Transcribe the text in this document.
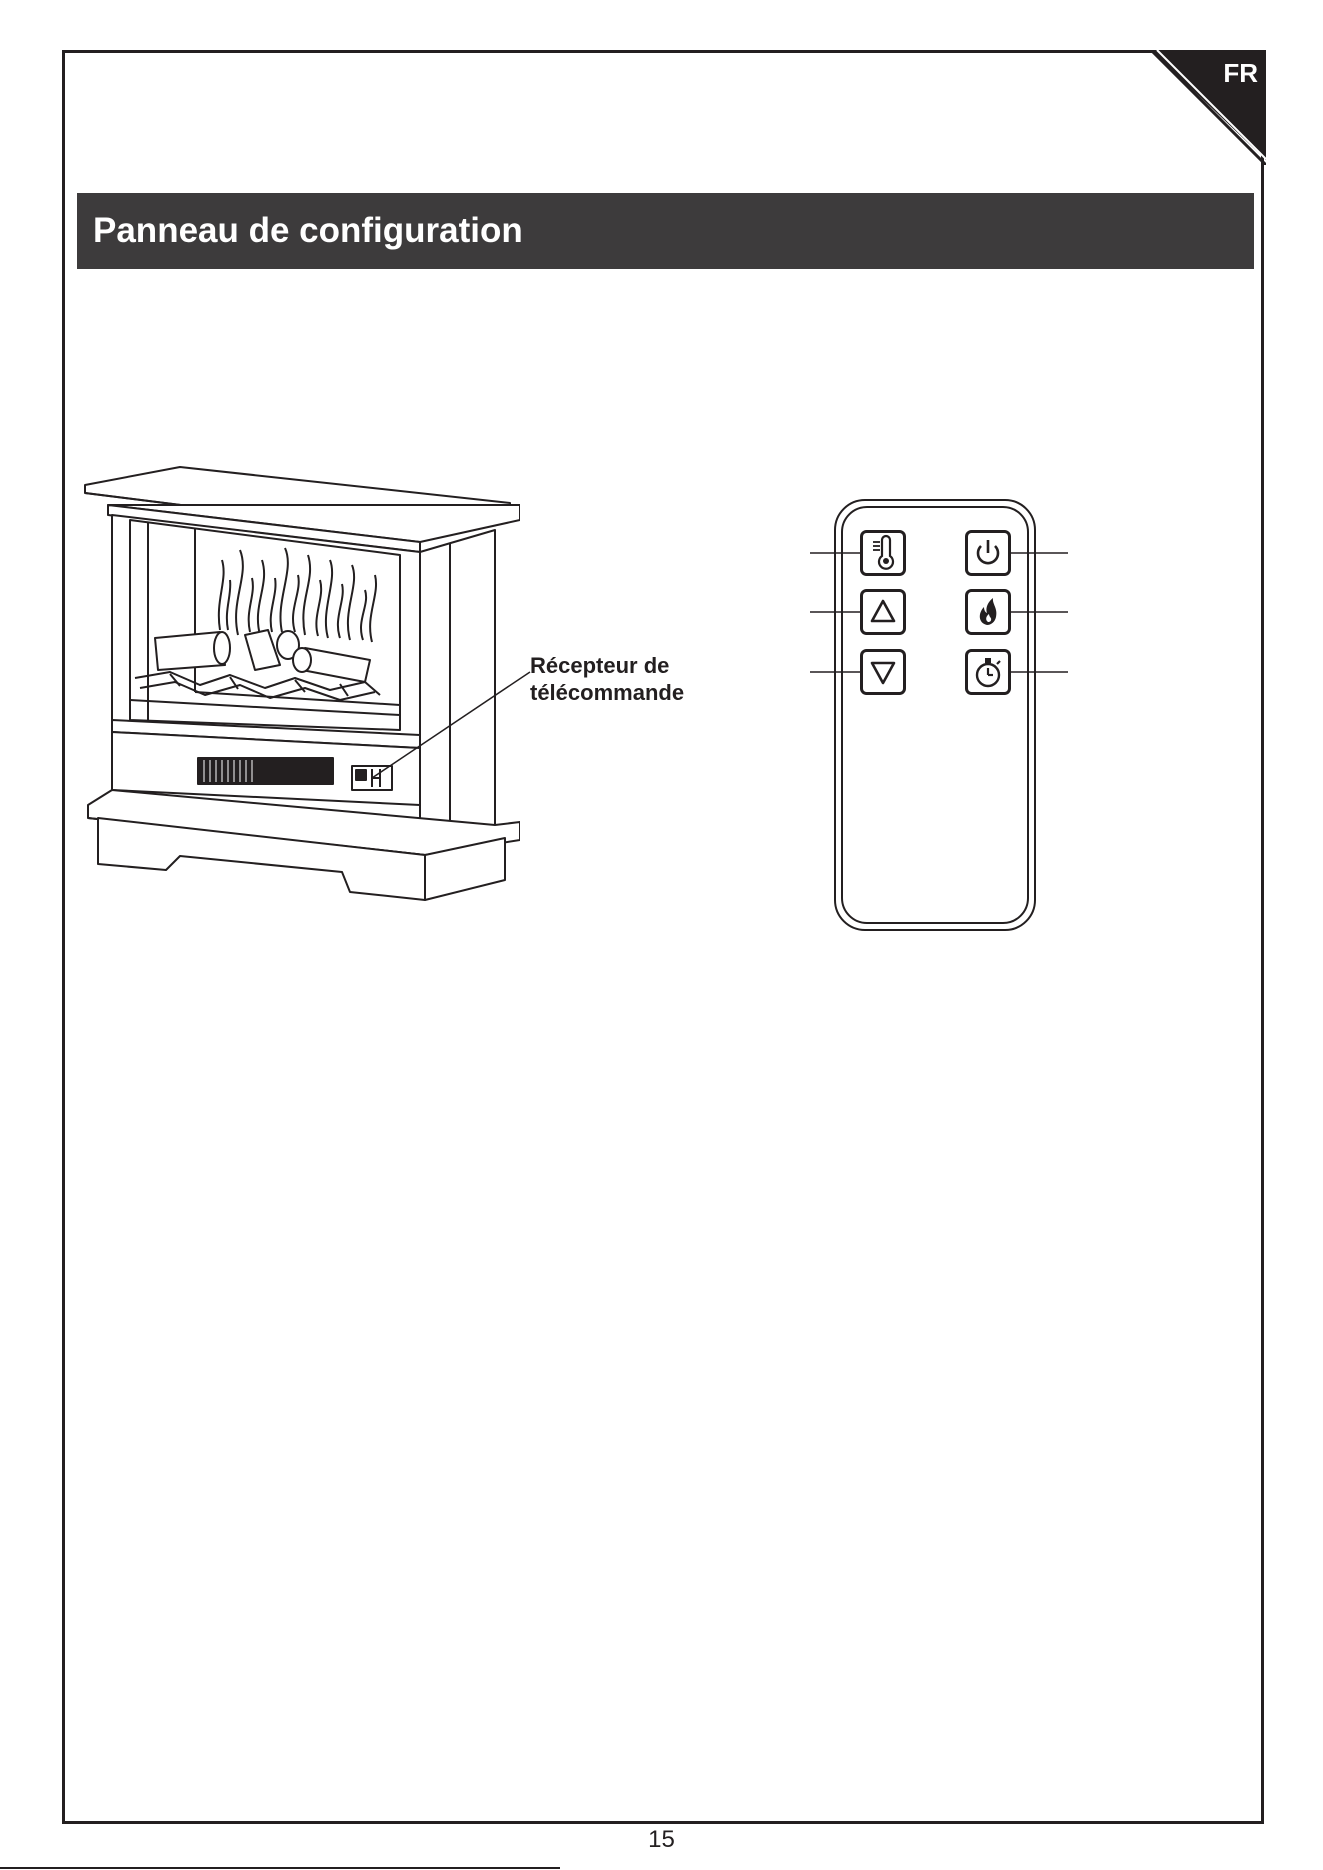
FR
Panneau de configuration
Récepteur de
télécommande
15
